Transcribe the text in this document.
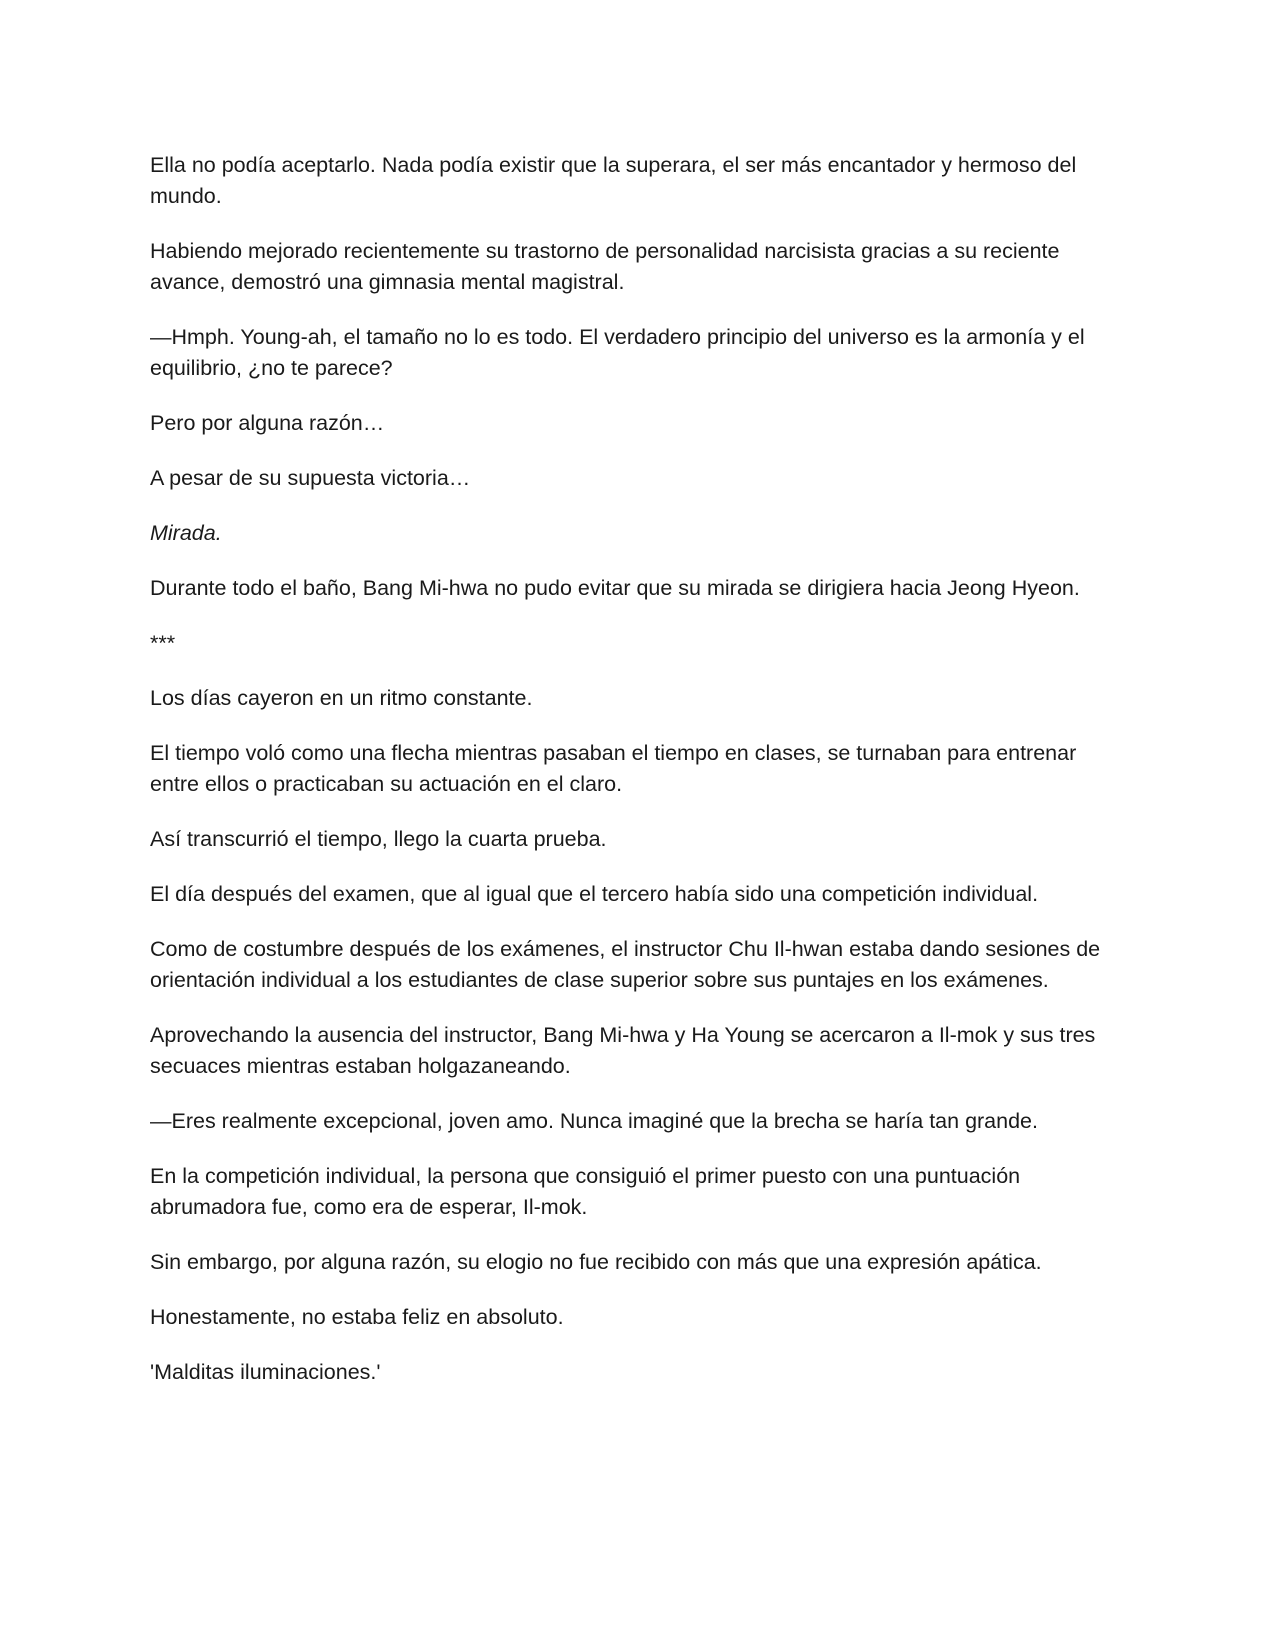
Ella no podía aceptarlo. Nada podía existir que la superara, el ser más encantador y hermoso del mundo.

Habiendo mejorado recientemente su trastorno de personalidad narcisista gracias a su reciente avance, demostró una gimnasia mental magistral.

—Hmph. Young-ah, el tamaño no lo es todo. El verdadero principio del universo es la armonía y el equilibrio, ¿no te parece?

Pero por alguna razón…

A pesar de su supuesta victoria…

Mirada.

Durante todo el baño, Bang Mi-hwa no pudo evitar que su mirada se dirigiera hacia Jeong Hyeon.

***

Los días cayeron en un ritmo constante.

El tiempo voló como una flecha mientras pasaban el tiempo en clases, se turnaban para entrenar entre ellos o practicaban su actuación en el claro.

Así transcurrió el tiempo, llego la cuarta prueba.

El día después del examen, que al igual que el tercero había sido una competición individual.

Como de costumbre después de los exámenes, el instructor Chu Il-hwan estaba dando sesiones de orientación individual a los estudiantes de clase superior sobre sus puntajes en los exámenes.

Aprovechando la ausencia del instructor, Bang Mi-hwa y Ha Young se acercaron a Il-mok y sus tres secuaces mientras estaban holgazaneando.

—Eres realmente excepcional, joven amo. Nunca imaginé que la brecha se haría tan grande.

En la competición individual, la persona que consiguió el primer puesto con una puntuación abrumadora fue, como era de esperar, Il-mok.

Sin embargo, por alguna razón, su elogio no fue recibido con más que una expresión apática.

Honestamente, no estaba feliz en absoluto.

'Malditas iluminaciones.'
